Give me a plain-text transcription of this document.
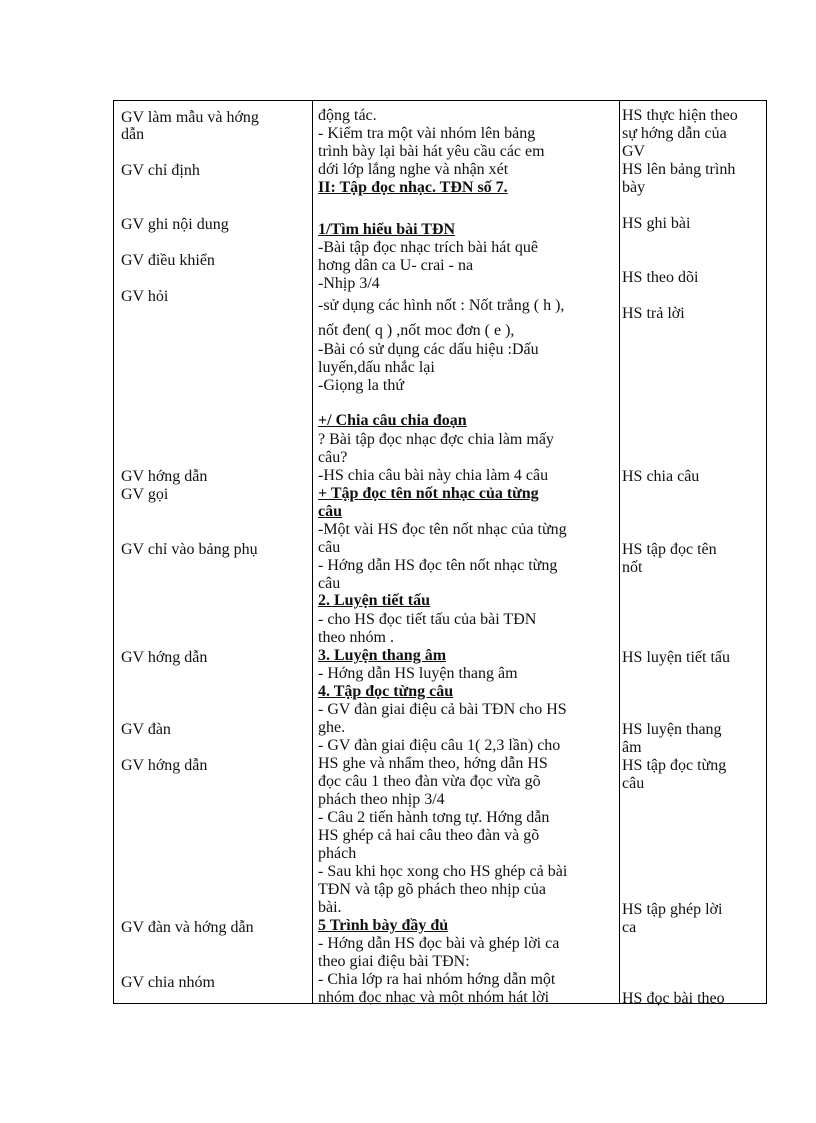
GV làm mẫu và hớng
dẫn
GV chỉ định
GV ghi nội dung
GV điều khiển
GV hỏi
GV hớng dẫn
GV gọi
GV chỉ vào bảng phụ
GV hớng dẫn
GV đàn
GV hớng dẫn
GV đàn và hớng dẫn
GV chia nhóm
động tác.
- Kiểm tra một vài nhóm lên bảng
trình bày lại bài hát yêu cầu các em
dới lớp lắng nghe và nhận xét
II: Tập đọc nhạc. TĐN số 7.
1/Tìm hiểu bài TĐN
-Bài tập đọc nhạc trích bài hát quê
hơng dân ca U- crai - na
-Nhịp 3/4
-sử dụng các hình nốt : Nốt trắng ( h ),
nốt đen( q ) ,nốt moc đơn ( e ),
-Bài có sử dụng các dấu hiệu :Dấu
luyến,dấu nhắc lại
-Giọng la thứ
+/ Chia câu chia đoạn
? Bài tập đọc nhạc đợc chia làm mấy
câu?
-HS chia câu bài này chia làm 4 câu
+ Tập đọc tên nốt nhạc của từng
câu
-Một vài HS đọc tên nốt nhạc của từng
câu
- Hớng dẫn HS đọc tên nốt nhạc từng
câu
2. Luyện tiết tấu
- cho HS đọc tiết tấu của bài TĐN
theo nhóm .
3. Luyện thang âm
- Hớng dẫn HS luyện thang âm
4. Tập đọc từng câu
- GV đàn giai điệu cả bài TĐN cho HS
ghe.
- GV đàn giai điệu câu 1( 2,3 lần) cho
HS ghe và nhẩm theo, hớng dẫn HS
đọc câu 1 theo đàn vừa đọc vừa gõ
phách theo nhịp 3/4
- Câu 2 tiến hành tơng tự. Hớng dẫn
HS ghép cả hai câu theo đàn và gõ
phách
- Sau khi học xong cho HS ghép cả bài
TĐN và tập gõ phách theo nhịp của
bài.
5 Trình bày đầy đủ
- Hớng dẫn HS đọc bài và ghép lời ca
theo giai điệu bài TĐN:
- Chia lớp ra hai nhóm hớng dẫn một
nhóm đọc nhạc và một nhóm hát lời
HS thực hiện theo
sự hớng dẫn của
GV
HS lên bảng trình
bày
HS ghi bài
HS theo dõi
HS trả lời
HS chia câu
HS tập đọc tên
nốt
HS luyện tiết tấu
HS luyện thang
âm
HS tập đọc từng
câu
HS tập ghép lời
ca
HS đọc bài theo
